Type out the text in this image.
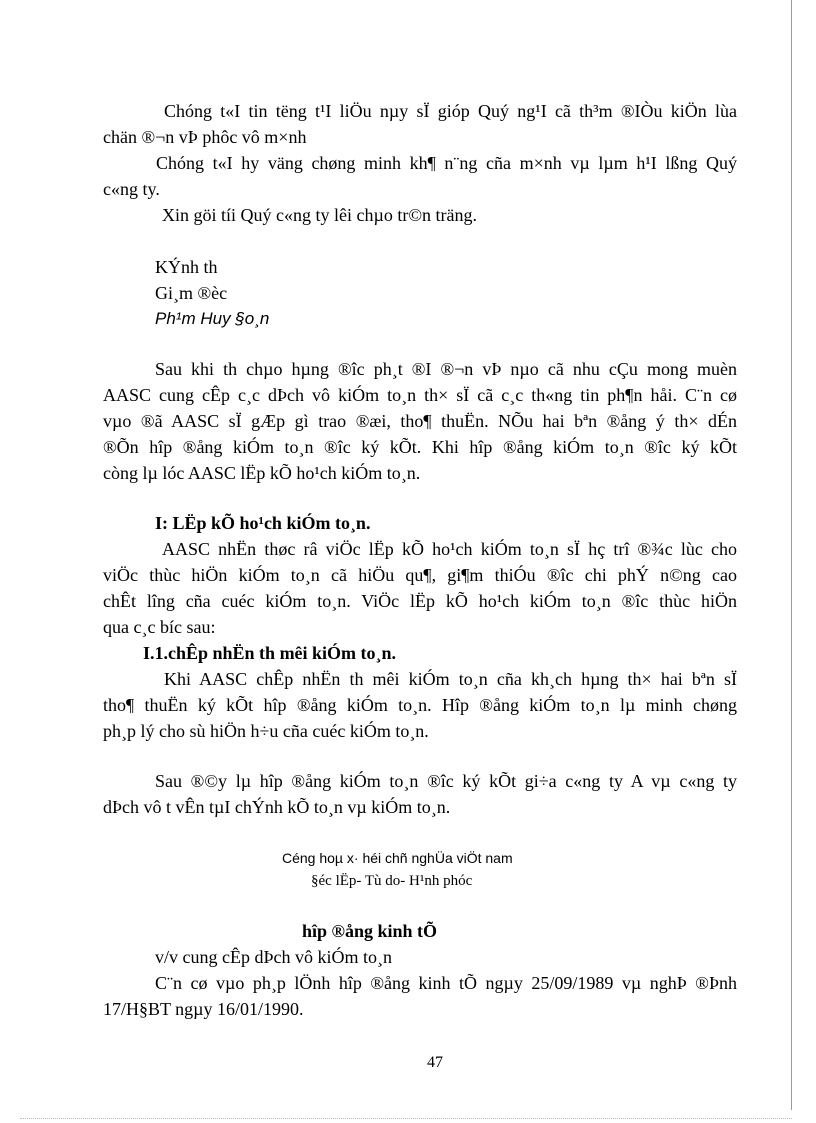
Chóng t«I tin tëng t¹I liÖu nµy sÏ gióp Quý ng¹I cã th³m ®IÒu kiÖn lùa
chän ®¬n vÞ phôc vô m×nh
Chóng t«I hy väng chøng minh kh¶ n¨ng cña m×nh vµ lµm h¹I lßng Quý
c«ng ty.
Xin göi tíi Quý c«ng ty lêi chµo tr©n träng.
KÝnh th
Gi¸m ®èc
Ph¹m Huy §o¸n
Sau khi th chµo hµng ®îc ph¸t ®I ®¬n vÞ nµo cã nhu cÇu mong muèn
AASC cung cÊp c¸c dÞch vô kiÓm to¸n th× sÏ cã c¸c th«ng tin ph¶n håi. C¨n cø
vµo ®ã AASC sÏ gÆp gì trao ®æi, tho¶ thuËn. NÕu hai bªn ®ång ý th× dÉn
®Õn hîp ®ång kiÓm to¸n ®îc ký kÕt. Khi hîp ®ång kiÓm to¸n ®îc ký kÕt
còng lµ lóc AASC lËp kÕ ho¹ch kiÓm to¸n.
I: LËp kÕ ho¹ch kiÓm to¸n.
AASC nhËn thøc râ viÖc lËp kÕ ho¹ch kiÓm to¸n sÏ hç trî ®¾c lùc cho
viÖc thùc hiÖn kiÓm to¸n cã hiÖu qu¶, gi¶m thiÓu ®îc chi phÝ n©ng cao
chÊt lîng cña cuéc kiÓm to¸n. ViÖc lËp kÕ ho¹ch kiÓm to¸n ®îc thùc hiÖn
qua c¸c bíc sau:
I.1.chÊp nhËn th mêi kiÓm to¸n.
Khi AASC chÊp nhËn th mêi kiÓm to¸n cña kh¸ch hµng th× hai bªn sÏ
tho¶ thuËn ký kÕt hîp ®ång kiÓm to¸n. Hîp ®ång kiÓm to¸n lµ minh chøng
ph¸p lý cho sù hiÖn h÷u cña cuéc kiÓm to¸n.
Sau ®©y lµ hîp ®ång kiÓm to¸n ®îc ký kÕt gi÷a c«ng ty A vµ c«ng ty
dÞch vô t vÊn tµI chÝnh kÕ to¸n vµ kiÓm to¸n.
Céng hoµ x· héi chñ nghÜa viÖt nam
§éc lËp- Tù do- H¹nh phóc
hîp ®ång kinh tÕ
v/v cung cÊp dÞch vô kiÓm to¸n
C¨n cø vµo ph¸p lÖnh hîp ®ång kinh tÕ ngµy 25/09/1989 vµ nghÞ ®Þnh
17/H§BT ngµy 16/01/1990.
47
